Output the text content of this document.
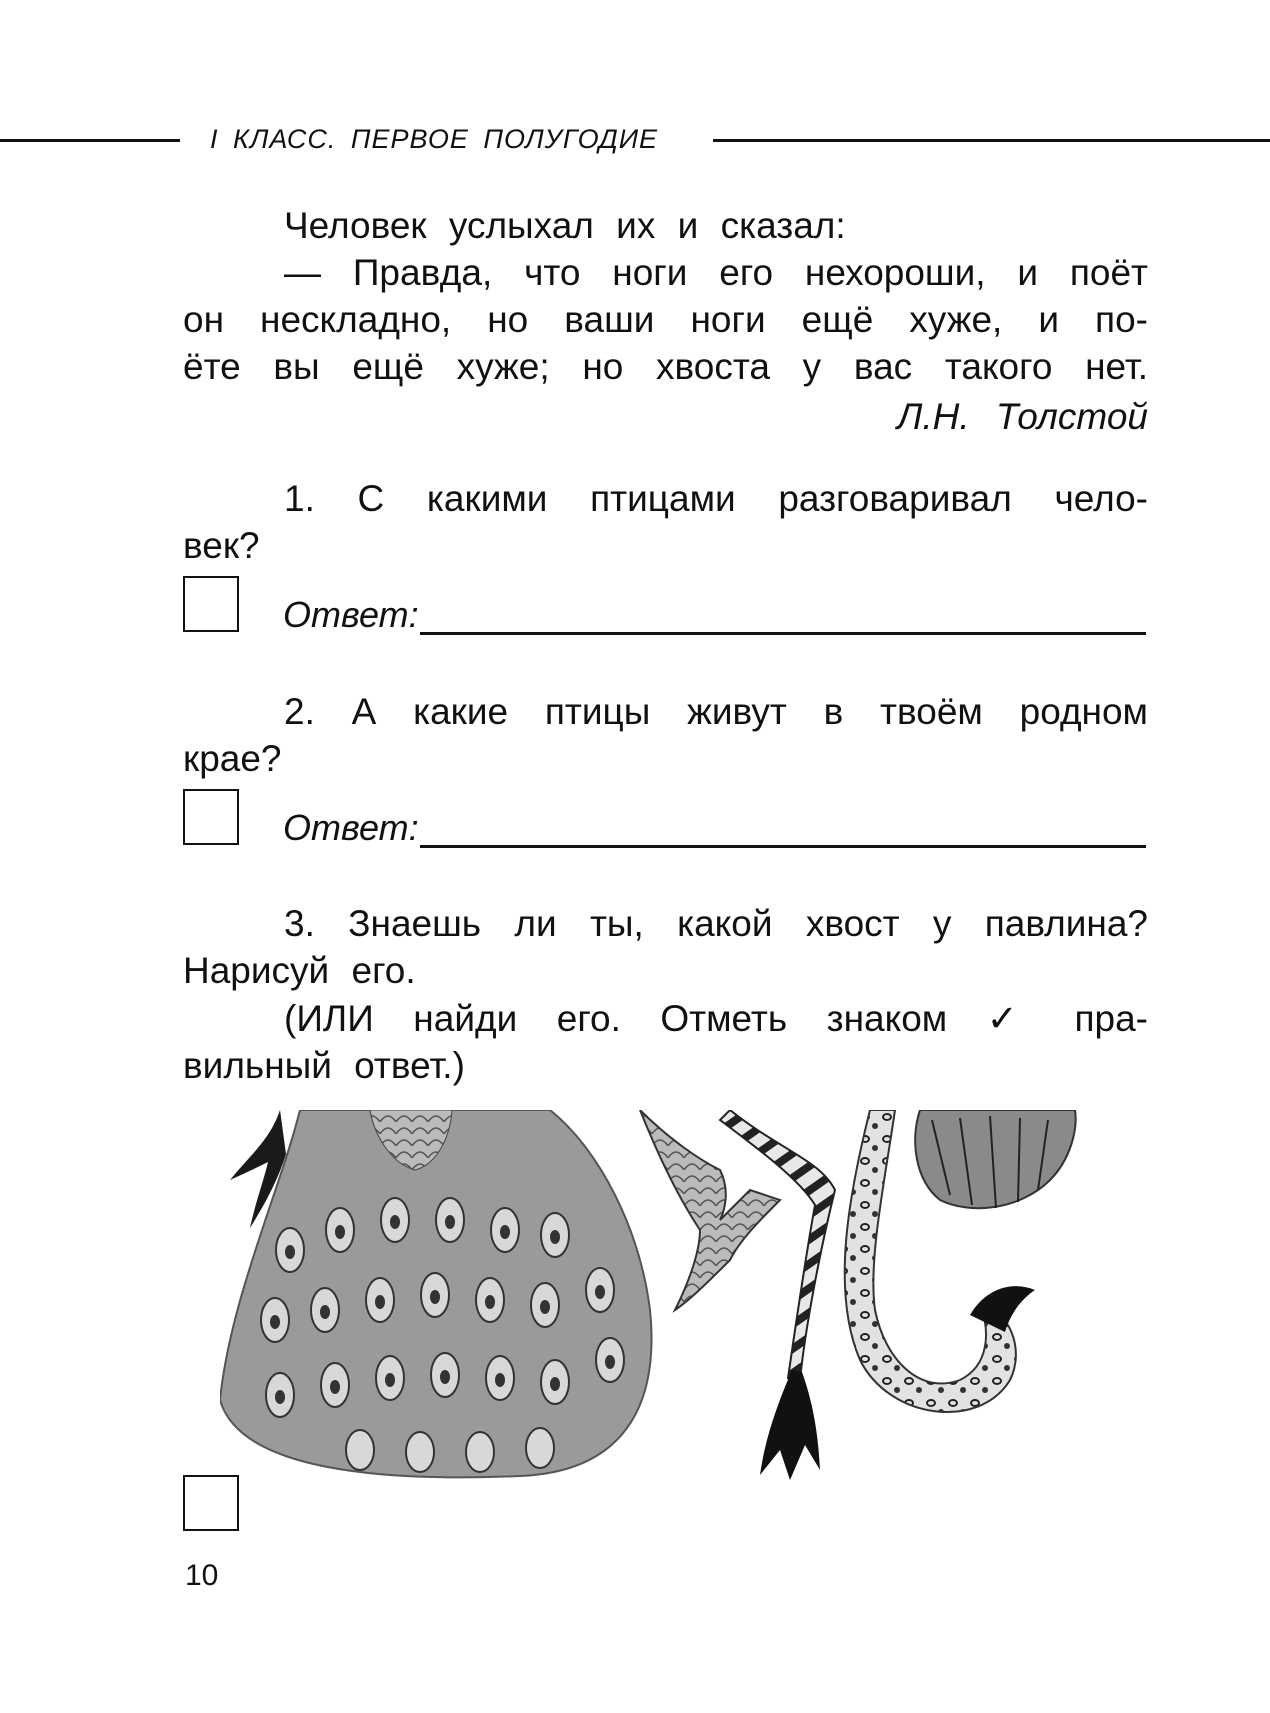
I КЛАСС. ПЕРВОЕ ПОЛУГОДИЕ
Человек услыхал их и сказал:
— Правда, что ноги его нехороши, и поёт
он нескладно, но ваши ноги ещё хуже, и по-
ёте вы ещё хуже; но хвоста у вас такого нет.
Л.Н. Толстой
1. С какими птицами разговаривал чело-
век?
Ответ:
2. А какие птицы живут в твоём родном
крае?
Ответ:
3. Знаешь ли ты, какой хвост у павлина?
Нарисуй его.
(ИЛИ найди его. Отметь знаком ✓ пра-
вильный ответ.)
10
